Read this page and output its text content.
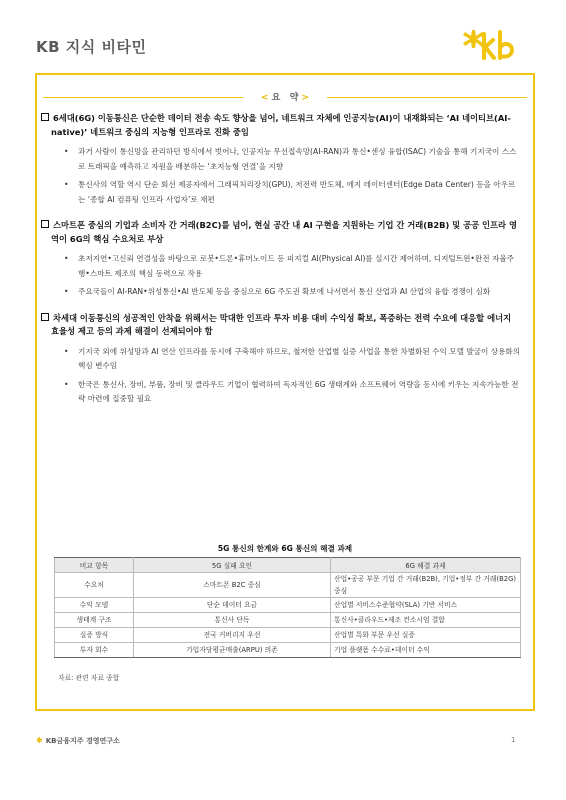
KB 지식 비타민
< 요   약 >
6세대(6G) 이동통신은 단순한 데이터 전송 속도 향상을 넘어, 네트워크 자체에 인공지능(AI)이 내재화되는 ‘AI 네이티브(AI-native)’ 네트워크 중심의 지능형 인프라로 진화 중임
• 과거 사람이 통신망을 관리하던 방식에서 벗어나, 인공지능 무선접속망(AI-RAN)과 통신•센싱 융합(ISAC) 기술을 통해 기지국이 스스로 트래픽을 예측하고 자원을 배분하는 ‘초지능형 연결’을 지향
• 통신사의 역할 역시 단순 회선 제공자에서 그래픽처리장치(GPU), 저전력 반도체, 에지 데이터센터(Edge Data Center) 등을 아우르는 ‘종합 AI 컴퓨팅 인프라 사업자’로 재편
스마트폰 중심의 기업과 소비자 간 거래(B2C)를 넘어, 현실 공간 내 AI 구현을 지원하는 기업 간 거래(B2B) 및 공공 인프라 영역이 6G의 핵심 수요처로 부상
• 초저지연•고신뢰 연결성을 바탕으로 로봇•드론•휴머노이드 등 피지컬 AI(Physical AI)를 실시간 제어하며, 디지털트윈•완전 자율주행•스마트 제조의 핵심 동력으로 작용
• 주요국들이 AI-RAN•위성통신•AI 반도체 등을 중심으로 6G 주도권 확보에 나서면서 통신 산업과 AI 산업의 융합 경쟁이 심화
차세대 이동통신의 성공적인 안착을 위해서는 막대한 인프라 투자 비용 대비 수익성 확보, 폭증하는 전력 수요에 대응할 에너지 효율성 제고 등의 과제 해결이 선제되어야 함
• 기지국 외에 위성망과 AI 연산 인프라를 동시에 구축해야 하므로, 철저한 산업별 실증 사업을 통한 차별화된 수익 모델 발굴이 상용화의 핵심 변수임
• 한국은 통신사, 장비, 부품, 장비 및 클라우드 기업이 협력하여 독자적인 6G 생태계와 소프트웨어 역량을 동시에 키우는 지속가능한 전략 마련에 집중할 필요
5G 통신의 한계와 6G 통신의 해결 과제
비교 항목	5G 실패 요인	6G 해결 과제
수요처	스마트폰 B2C 중심	산업•공공 부문 기업 간 거래(B2B), 기업•정부 간 거래(B2G) 중심
수익 모델	단순 데이터 요금	산업별 서비스수준협약(SLA) 기반 서비스
생태계 구조	통신사 단독	통신사•클라우드•제조 컨소시엄 결합
실증 방식	전국 커버리지 우선	산업별 특화 부문 우선 실증
투자 회수	가입자당평균매출(ARPU) 의존	기업 플랫폼 수수료•데이터 수익
자료: 관련 자료 종합
✱ KB금융지주 경영연구소	1
